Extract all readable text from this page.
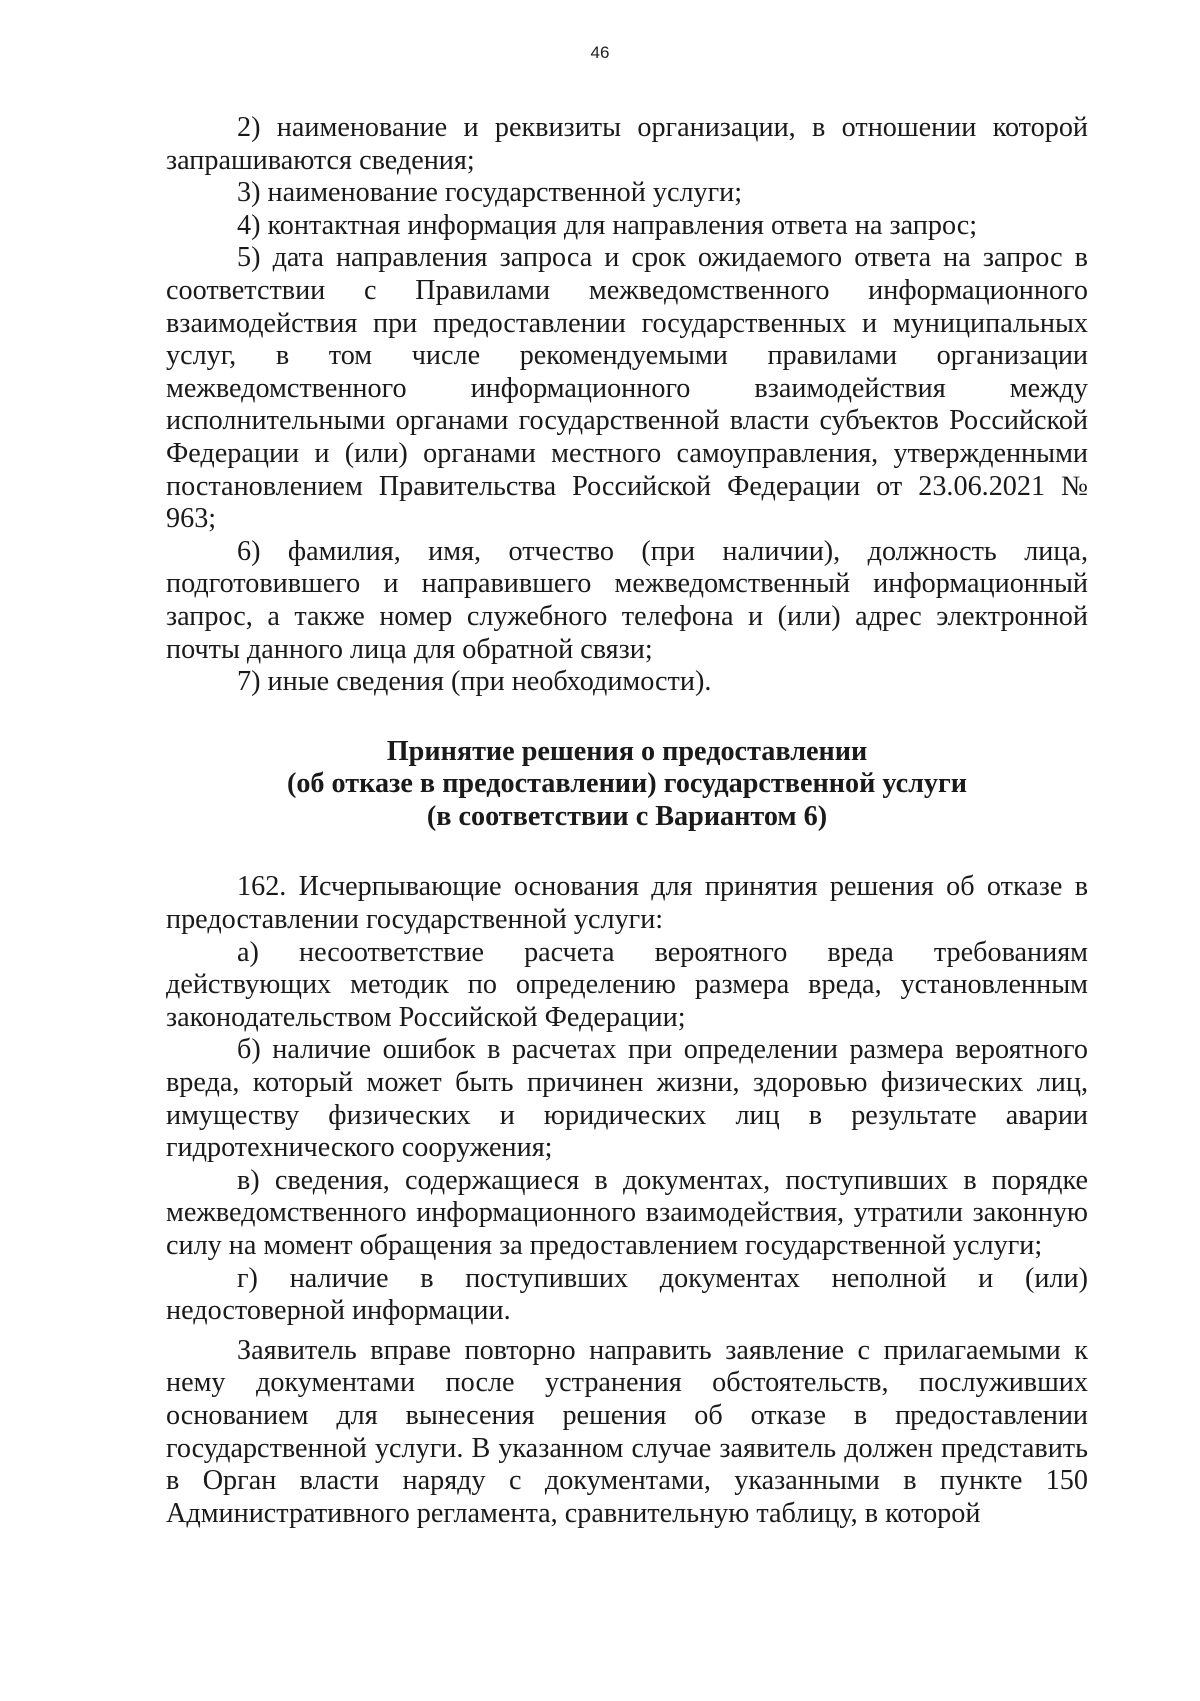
46

2) наименование и реквизиты организации, в отношении которой запрашиваются сведения;

3) наименование государственной услуги;

4) контактная информация для направления ответа на запрос;

5) дата направления запроса и срок ожидаемого ответа на запрос в соответствии с Правилами межведомственного информационного взаимодействия при предоставлении государственных и муниципальных услуг, в том числе рекомендуемыми правилами организации межведомственного информационного взаимодействия между исполнительными органами государственной власти субъектов Российской Федерации и (или) органами местного самоуправления, утвержденными постановлением Правительства Российской Федерации от 23.06.2021 № 963;

6) фамилия, имя, отчество (при наличии), должность лица, подготовившего и направившего межведомственный информационный запрос, а также номер служебного телефона и (или) адрес электронной почты данного лица для обратной связи;

7) иные сведения (при необходимости).

Принятие решения о предоставлении
(об отказе в предоставлении) государственной услуги
(в соответствии с Вариантом 6)

162. Исчерпывающие основания для принятия решения об отказе в предоставлении государственной услуги:

а) несоответствие расчета вероятного вреда требованиям действующих методик по определению размера вреда, установленным законодательством Российской Федерации;

б) наличие ошибок в расчетах при определении размера вероятного вреда, который может быть причинен жизни, здоровью физических лиц, имуществу физических и юридических лиц в результате аварии гидротехнического сооружения;

в) сведения, содержащиеся в документах, поступивших в порядке межведомственного информационного взаимодействия, утратили законную силу на момент обращения за предоставлением государственной услуги;

г) наличие в поступивших документах неполной и (или) недостоверной информации.

Заявитель вправе повторно направить заявление с прилагаемыми к нему документами после устранения обстоятельств, послуживших основанием для вынесения решения об отказе в предоставлении государственной услуги. В указанном случае заявитель должен представить в Орган власти наряду с документами, указанными в пункте 150 Административного регламента, сравнительную таблицу, в которой
